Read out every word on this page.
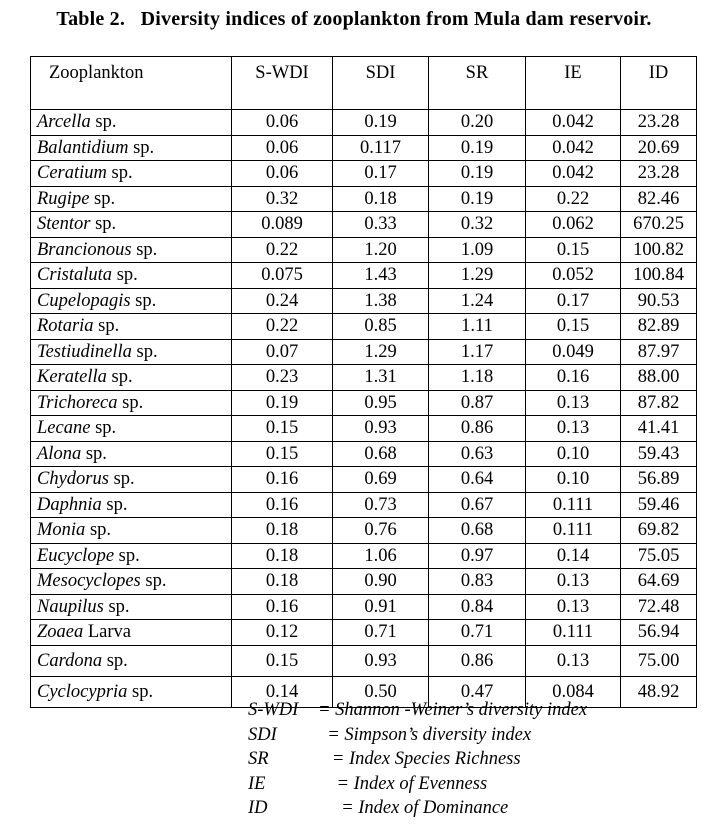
Table 2.   Diversity indices of zooplankton from Mula dam reservoir.
Zooplankton	S-WDI	SDI	SR	IE	ID
Arcella sp.	0.06	0.19	0.20	0.042	23.28
Balantidium sp.	0.06	0.117	0.19	0.042	20.69
Ceratium sp.	0.06	0.17	0.19	0.042	23.28
Rugipe sp.	0.32	0.18	0.19	0.22	82.46
Stentor sp.	0.089	0.33	0.32	0.062	670.25
Brancionous sp.	0.22	1.20	1.09	0.15	100.82
Cristaluta sp.	0.075	1.43	1.29	0.052	100.84
Cupelopagis sp.	0.24	1.38	1.24	0.17	90.53
Rotaria sp.	0.22	0.85	1.11	0.15	82.89
Testiudinella sp.	0.07	1.29	1.17	0.049	87.97
Keratella sp.	0.23	1.31	1.18	0.16	88.00
Trichoreca sp.	0.19	0.95	0.87	0.13	87.82
Lecane sp.	0.15	0.93	0.86	0.13	41.41
Alona sp.	0.15	0.68	0.63	0.10	59.43
Chydorus sp.	0.16	0.69	0.64	0.10	56.89
Daphnia sp.	0.16	0.73	0.67	0.111	59.46
Monia sp.	0.18	0.76	0.68	0.111	69.82
Eucyclope sp.	0.18	1.06	0.97	0.14	75.05
Mesocyclopes sp.	0.18	0.90	0.83	0.13	64.69
Naupilus sp.	0.16	0.91	0.84	0.13	72.48
Zoaea Larva	0.12	0.71	0.71	0.111	56.94
Cardona sp.	0.15	0.93	0.86	0.13	75.00
Cyclocypria sp.	0.14	0.50	0.47	0.084	48.92
S-WDI = Shannon -Weiner’s diversity index
SDI  = Simpson’s diversity index
SR	= Index Species Richness
IE	= Index of Evenness
ID	= Index of Dominance
